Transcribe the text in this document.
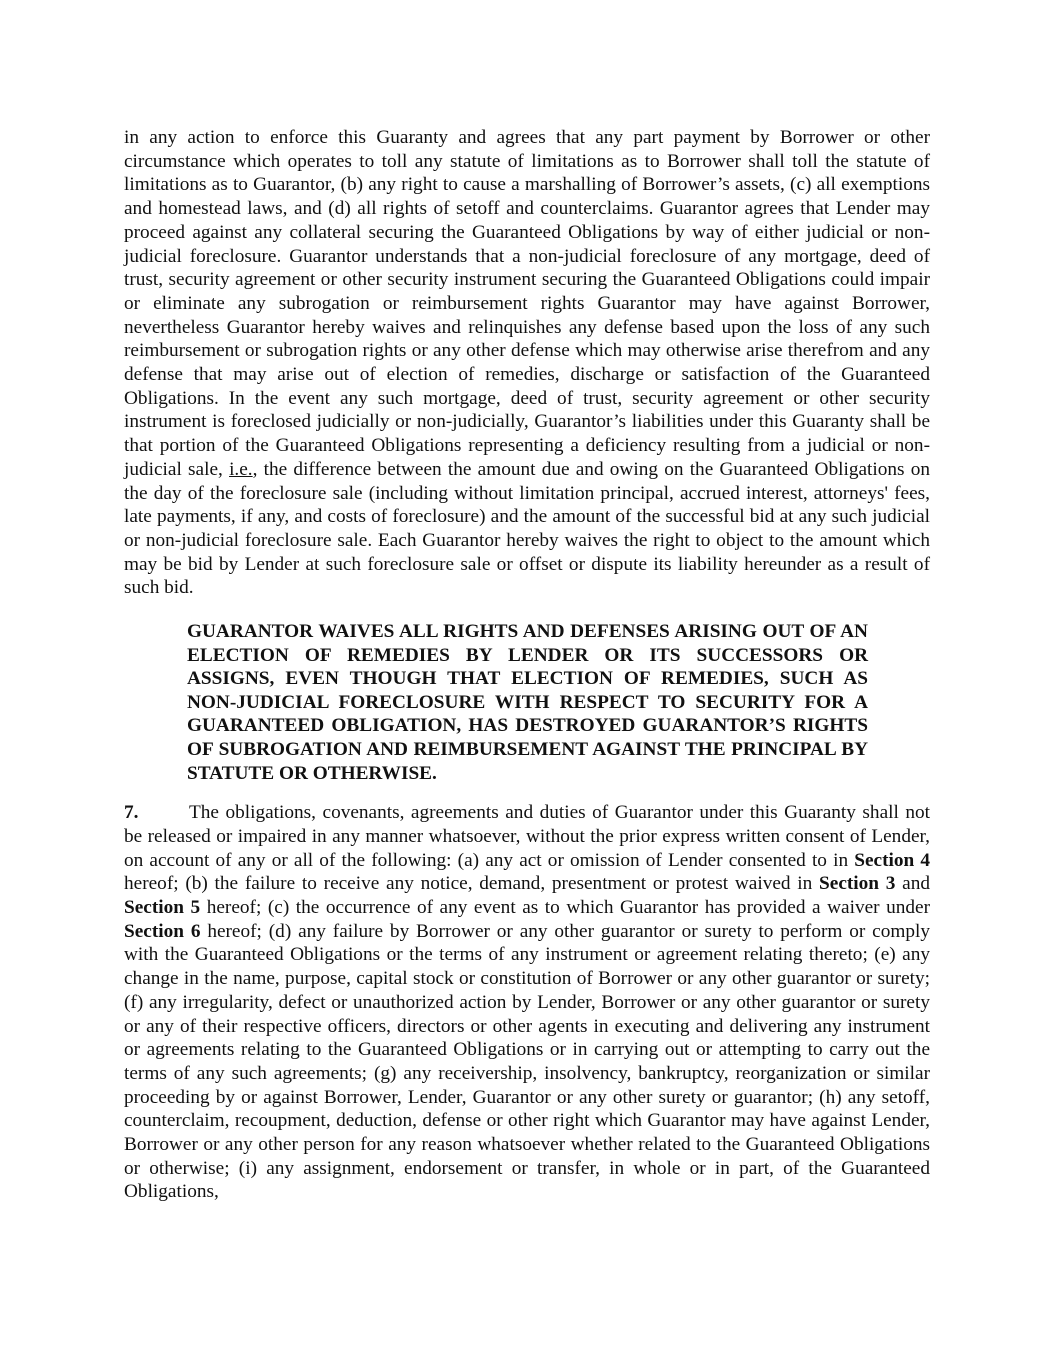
in any action to enforce this Guaranty and agrees that any part payment by Borrower or other circumstance which operates to toll any statute of limitations as to Borrower shall toll the statute of limitations as to Guarantor, (b) any right to cause a marshalling of Borrower’s assets, (c) all exemptions and homestead laws, and (d) all rights of setoff and counterclaims. Guarantor agrees that Lender may proceed against any collateral securing the Guaranteed Obligations by way of either judicial or non-judicial foreclosure. Guarantor understands that a non-judicial foreclosure of any mortgage, deed of trust, security agreement or other security instrument securing the Guaranteed Obligations could impair or eliminate any subrogation or reimbursement rights Guarantor may have against Borrower, nevertheless Guarantor hereby waives and relinquishes any defense based upon the loss of any such reimbursement or subrogation rights or any other defense which may otherwise arise therefrom and any defense that may arise out of election of remedies, discharge or satisfaction of the Guaranteed Obligations. In the event any such mortgage, deed of trust, security agreement or other security instrument is foreclosed judicially or non-judicially, Guarantor’s liabilities under this Guaranty shall be that portion of the Guaranteed Obligations representing a deficiency resulting from a judicial or non-judicial sale, i.e., the difference between the amount due and owing on the Guaranteed Obligations on the day of the foreclosure sale (including without limitation principal, accrued interest, attorneys' fees, late payments, if any, and costs of foreclosure) and the amount of the successful bid at any such judicial or non-judicial foreclosure sale. Each Guarantor hereby waives the right to object to the amount which may be bid by Lender at such foreclosure sale or offset or dispute its liability hereunder as a result of such bid.

GUARANTOR WAIVES ALL RIGHTS AND DEFENSES ARISING OUT OF AN ELECTION OF REMEDIES BY LENDER OR ITS SUCCESSORS OR ASSIGNS, EVEN THOUGH THAT ELECTION OF REMEDIES, SUCH AS NON-JUDICIAL FORECLOSURE WITH RESPECT TO SECURITY FOR A GUARANTEED OBLIGATION, HAS DESTROYED GUARANTOR’S RIGHTS OF SUBROGATION AND REIMBURSEMENT AGAINST THE PRINCIPAL BY STATUTE OR OTHERWISE.

7.	The obligations, covenants, agreements and duties of Guarantor under this Guaranty shall not be released or impaired in any manner whatsoever, without the prior express written consent of Lender, on account of any or all of the following: (a) any act or omission of Lender consented to in Section 4 hereof; (b) the failure to receive any notice, demand, presentment or protest waived in Section 3 and Section 5 hereof; (c) the occurrence of any event as to which Guarantor has provided a waiver under Section 6 hereof; (d) any failure by Borrower or any other guarantor or surety to perform or comply with the Guaranteed Obligations or the terms of any instrument or agreement relating thereto; (e) any change in the name, purpose, capital stock or constitution of Borrower or any other guarantor or surety; (f) any irregularity, defect or unauthorized action by Lender, Borrower or any other guarantor or surety or any of their respective officers, directors or other agents in executing and delivering any instrument or agreements relating to the Guaranteed Obligations or in carrying out or attempting to carry out the terms of any such agreements; (g) any receivership, insolvency, bankruptcy, reorganization or similar proceeding by or against Borrower, Lender, Guarantor or any other surety or guarantor; (h) any setoff, counterclaim, recoupment, deduction, defense or other right which Guarantor may have against Lender, Borrower or any other person for any reason whatsoever whether related to the Guaranteed Obligations or otherwise; (i) any assignment, endorsement or transfer, in whole or in part, of the Guaranteed Obligations,
